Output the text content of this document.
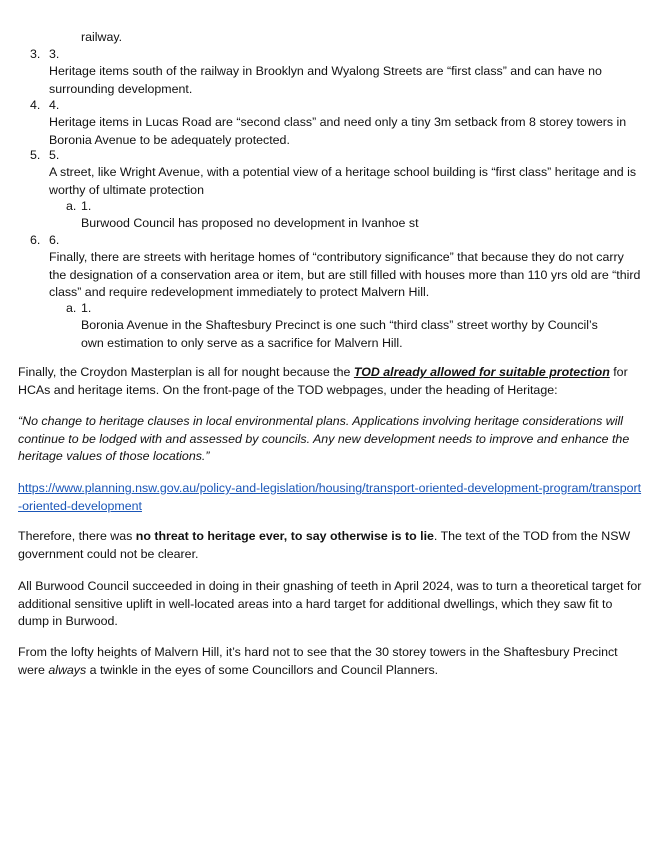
railway.

3. 3.

Heritage items south of the railway in Brooklyn and Wyalong Streets are “first class” and can have no surrounding development.

4. 4.

Heritage items in Lucas Road are “second class” and need only a tiny 3m setback from 8 storey towers in Boronia Avenue to be adequately protected.

5. 5.

A street, like Wright Avenue, with a potential view of a heritage school building is “first class” heritage and is worthy of ultimate protection

a. 1.

Burwood Council has proposed no development in Ivanhoe st

6. 6.

Finally, there are streets with heritage homes of “contributory significance” that because they do not carry the designation of a conservation area or item, but are still filled with houses more than 110 yrs old are “third class” and require redevelopment immediately to protect Malvern Hill.

a. 1.

Boronia Avenue in the Shaftesbury Precinct is one such “third class” street worthy by Council’s own estimation to only serve as a sacrifice for Malvern Hill.

Finally, the Croydon Masterplan is all for nought because the TOD already allowed for suitable protection for HCAs and heritage items. On the front-page of the TOD webpages, under the heading of Heritage:

“No change to heritage clauses in local environmental plans. Applications involving heritage considerations will continue to be lodged with and assessed by councils. Any new development needs to improve and enhance the heritage values of those locations.”

https://www.planning.nsw.gov.au/policy-and-legislation/housing/transport-oriented-development-program/transport-oriented-development

Therefore, there was no threat to heritage ever, to say otherwise is to lie. The text of the TOD from the NSW government could not be clearer.

All Burwood Council succeeded in doing in their gnashing of teeth in April 2024, was to turn a theoretical target for additional sensitive uplift in well-located areas into a hard target for additional dwellings, which they saw fit to dump in Burwood.

From the lofty heights of Malvern Hill, it’s hard not to see that the 30 storey towers in the Shaftesbury Precinct were always a twinkle in the eyes of some Councillors and Council Planners.
